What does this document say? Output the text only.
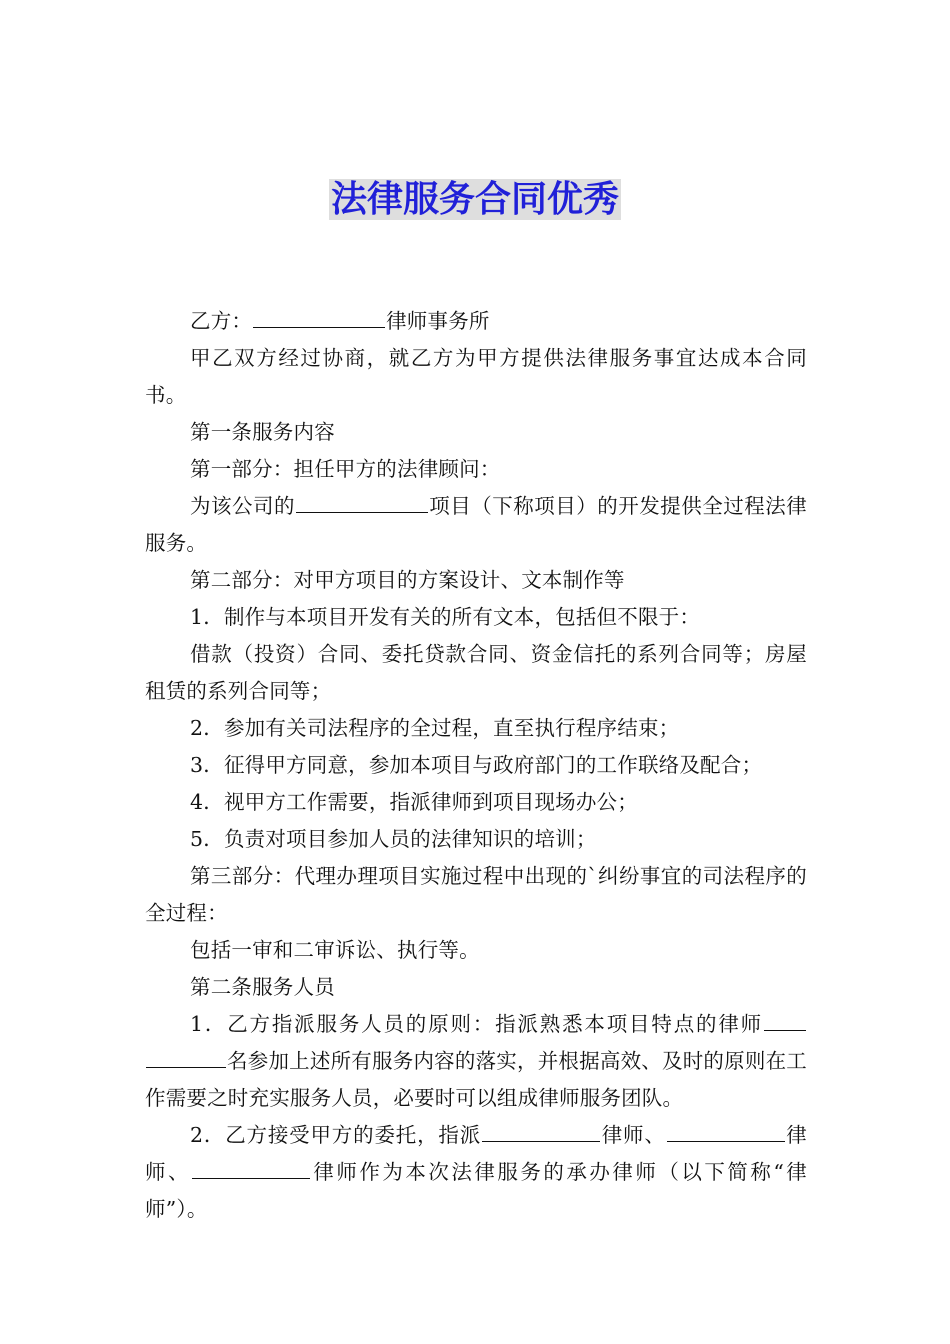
法律服务合同优秀

乙方：	律师事务所

甲乙双方经过协商，就乙方为甲方提供法律服务事宜达成本合同书。

第一条服务内容

第一部分：担任甲方的法律顾问：

为该公司的	项目（下称项目）的开发提供全过程法律服务。

第二部分：对甲方项目的方案设计、文本制作等

1．制作与本项目开发有关的所有文本，包括但不限于：

借款（投资）合同、委托贷款合同、资金信托的系列合同等；房屋租赁的系列合同等；

2．参加有关司法程序的全过程，直至执行程序结束；

3．征得甲方同意，参加本项目与政府部门的工作联络及配合；

4．视甲方工作需要，指派律师到项目现场办公；

5．负责对项目参加人员的法律知识的培训；

第三部分：代理办理项目实施过程中出现的`纠纷事宜的司法程序的全过程：

包括一审和二审诉讼、执行等。

第二条服务人员

1．乙方指派服务人员的原则：指派熟悉本项目特点的律师名参加上述所有服务内容的落实，并根据高效、及时的原则在工作需要之时充实服务人员，必要时可以组成律师服务团队。

2．乙方接受甲方的委托，指派	律师、	律师、	律师作为本次法律服务的承办律师（以下简称“律师”）。
